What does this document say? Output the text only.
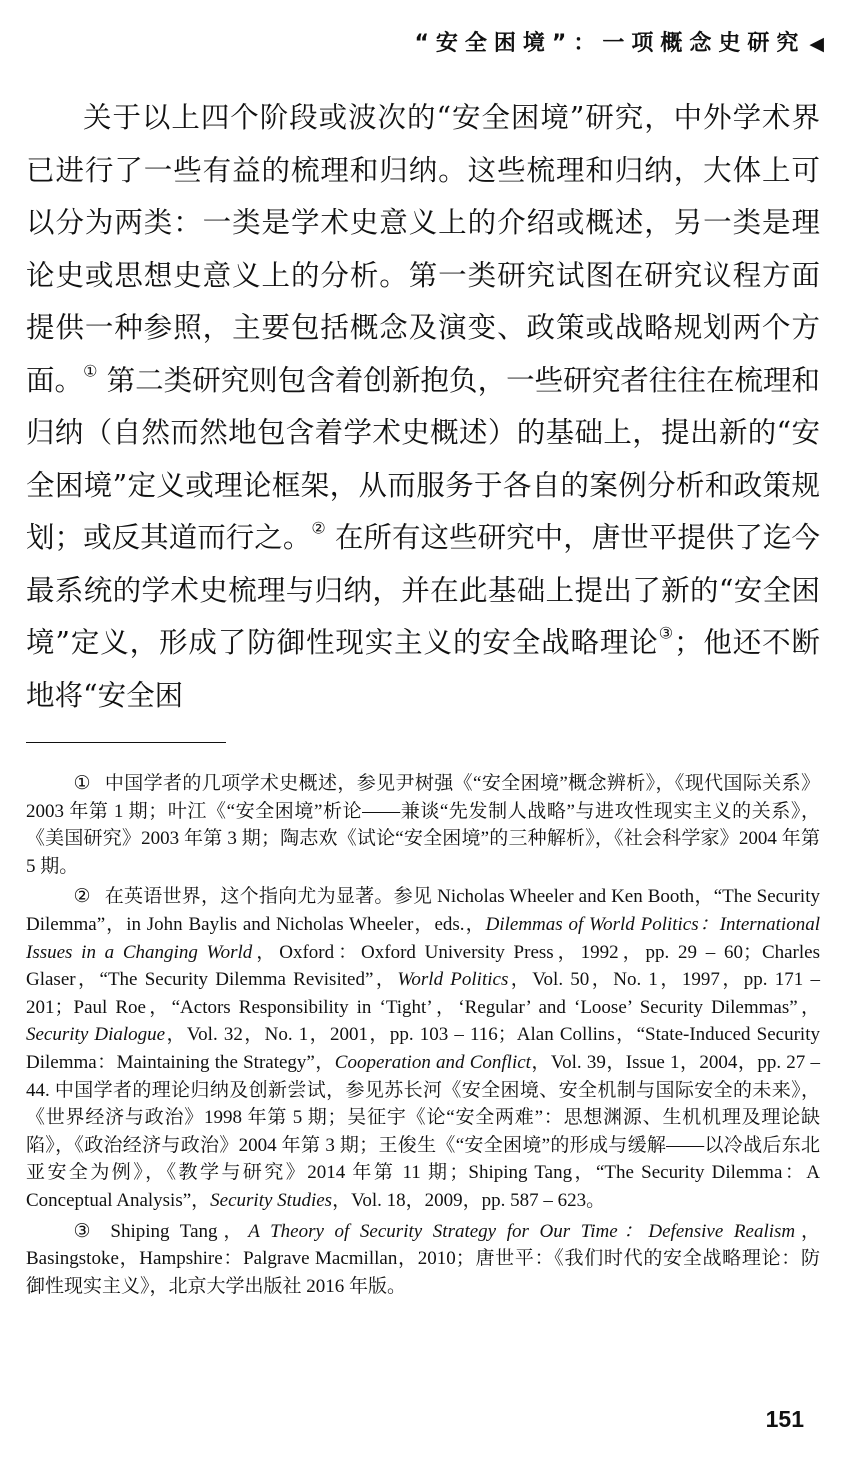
“安全困境”：一项概念史研究 ◀

关于以上四个阶段或波次的“安全困境”研究，中外学术界已进行了一些有益的梳理和归纳。这些梳理和归纳，大体上可以分为两类：一类是学术史意义上的介绍或概述，另一类是理论史或思想史意义上的分析。第一类研究试图在研究议程方面提供一种参照，主要包括概念及演变、政策或战略规划两个方面。① 第二类研究则包含着创新抱负，一些研究者往往在梳理和归纳（自然而然地包含着学术史概述）的基础上，提出新的“安全困境”定义或理论框架，从而服务于各自的案例分析和政策规划；或反其道而行之。② 在所有这些研究中，唐世平提供了迄今最系统的学术史梳理与归纳，并在此基础上提出了新的“安全困境”定义，形成了防御性现实主义的安全战略理论③；他还不断地将“安全困

① 中国学者的几项学术史概述，参见尹树强《“安全困境”概念辨析》，《现代国际关系》2003 年第 1 期；叶江《“安全困境”析论——兼谈“先发制人战略”与进攻性现实主义的关系》，《美国研究》2003 年第 3 期；陶志欢《试论“安全困境”的三种解析》，《社会科学家》2004 年第 5 期。

② 在英语世界，这个指向尤为显著。参见 Nicholas Wheeler and Ken Booth，“The Security Dilemma”，in John Baylis and Nicholas Wheeler，eds.，Dilemmas of World Politics：International Issues in a Changing World，Oxford：Oxford University Press，1992，pp. 29 – 60；Charles Glaser，“The Security Dilemma Revisited”，World Politics，Vol. 50，No. 1，1997，pp. 171 – 201；Paul Roe，“Actors Responsibility in ‘Tight’，‘Regular’ and ‘Loose’ Security Dilemmas”，Security Dialogue，Vol. 32，No. 1，2001，pp. 103 – 116；Alan Collins，“State-Induced Security Dilemma：Maintaining the Strategy”，Cooperation and Conflict，Vol. 39，Issue 1，2004，pp. 27 – 44. 中国学者的理论归纳及创新尝试，参见苏长河《安全困境、安全机制与国际安全的未来》，《世界经济与政治》1998 年第 5 期；吴征宇《论“安全两难”：思想渊源、生机机理及理论缺陷》，《政治经济与政治》2004 年第 3 期；王俊生《“安全困境”的形成与缓解——以冷战后东北亚安全为例》，《教学与研究》2014 年第 11 期；Shiping Tang，“The Security Dilemma：A Conceptual Analysis”，Security Studies，Vol. 18，2009，pp. 587 – 623。

③ Shiping Tang，A Theory of Security Strategy for Our Time：Defensive Realism，Basingstoke，Hampshire：Palgrave Macmillan，2010；唐世平：《我们时代的安全战略理论：防御性现实主义》，北京大学出版社 2016 年版。

151
